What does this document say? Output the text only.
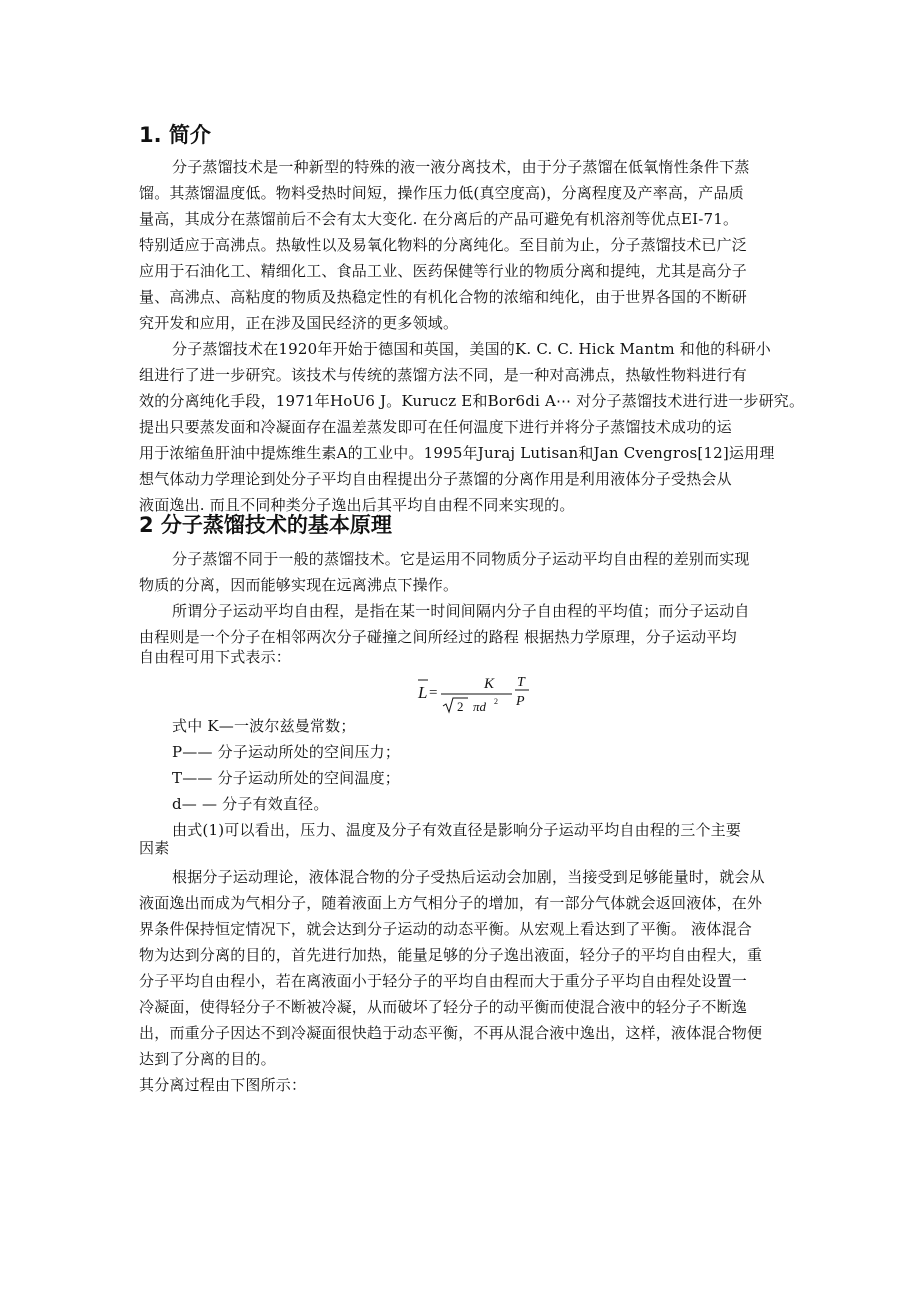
1. 简介

分子蒸馏技术是一种新型的特殊的液一液分离技术，由于分子蒸馏在低氧惰性条件下蒸

馏。其蒸馏温度低。物料受热时间短，操作压力低(真空度高)，分离程度及产率高，产品质

量高，其成分在蒸馏前后不会有太大变化. 在分离后的产品可避免有机溶剂等优点EI-71。

特别适应于高沸点。热敏性以及易氧化物料的分离纯化。至目前为止，分子蒸馏技术已广泛

应用于石油化工、精细化工、食品工业、医药保健等行业的物质分离和提纯，尤其是高分子

量、高沸点、高粘度的物质及热稳定性的有机化合物的浓缩和纯化，由于世界各国的不断研

究开发和应用，正在涉及国民经济的更多领域。

分子蒸馏技术在1920年开始于德国和英国，美国的K. C. C. Hick Mantm 和他的科研小

组进行了进一步研究。该技术与传统的蒸馏方法不同，是一种对高沸点，热敏性物料进行有

效的分离纯化手段，1971年HoU6 J。Kurucz E和Bor6di A⋯ 对分子蒸馏技术进行进一步研究。

提出只要蒸发面和冷凝面存在温差蒸发即可在任何温度下进行并将分子蒸馏技术成功的运

用于浓缩鱼肝油中提炼维生素A的工业中。1995年Juraj Lutisan和Jan Cvengros[12]运用理

想气体动力学理论到处分子平均自由程提出分子蒸馏的分离作用是利用液体分子受热会从

液面逸出. 而且不同种类分子逸出后其平均自由程不同来实现的。

2 分子蒸馏技术的基本原理

分子蒸馏不同于一般的蒸馏技术。它是运用不同物质分子运动平均自由程的差别而实现

物质的分离，因而能够实现在远离沸点下操作。

所谓分子运动平均自由程，是指在某一时间间隔内分子自由程的平均值；而分子运动自

由程则是一个分子在相邻两次分子碰撞之间所经过的路程 根据热力学原理，分子运动平均

自由程可用下式表示：

L =
K
2 πd 2
T
P

式中 K—一波尔兹曼常数；

P—— 分子运动所处的空间压力；

T—— 分子运动所处的空间温度；

d— — 分子有效直径。

由式(1)可以看出，压力、温度及分子有效直径是影响分子运动平均自由程的三个主要

因素

根据分子运动理论，液体混合物的分子受热后运动会加剧，当接受到足够能量时，就会从

液面逸出而成为气相分子，随着液面上方气相分子的增加，有一部分气体就会返回液体，在外

界条件保持恒定情况下，就会达到分子运动的动态平衡。从宏观上看达到了平衡。 液体混合

物为达到分离的目的，首先进行加热，能量足够的分子逸出液面，轻分子的平均自由程大，重

分子平均自由程小，若在离液面小于轻分子的平均自由程而大于重分子平均自由程处设置一

冷凝面，使得轻分子不断被冷凝，从而破坏了轻分子的动平衡而使混合液中的轻分子不断逸

出，而重分子因达不到冷凝面很快趋于动态平衡，不再从混合液中逸出，这样，液体混合物便

达到了分离的目的。

其分离过程由下图所示：
